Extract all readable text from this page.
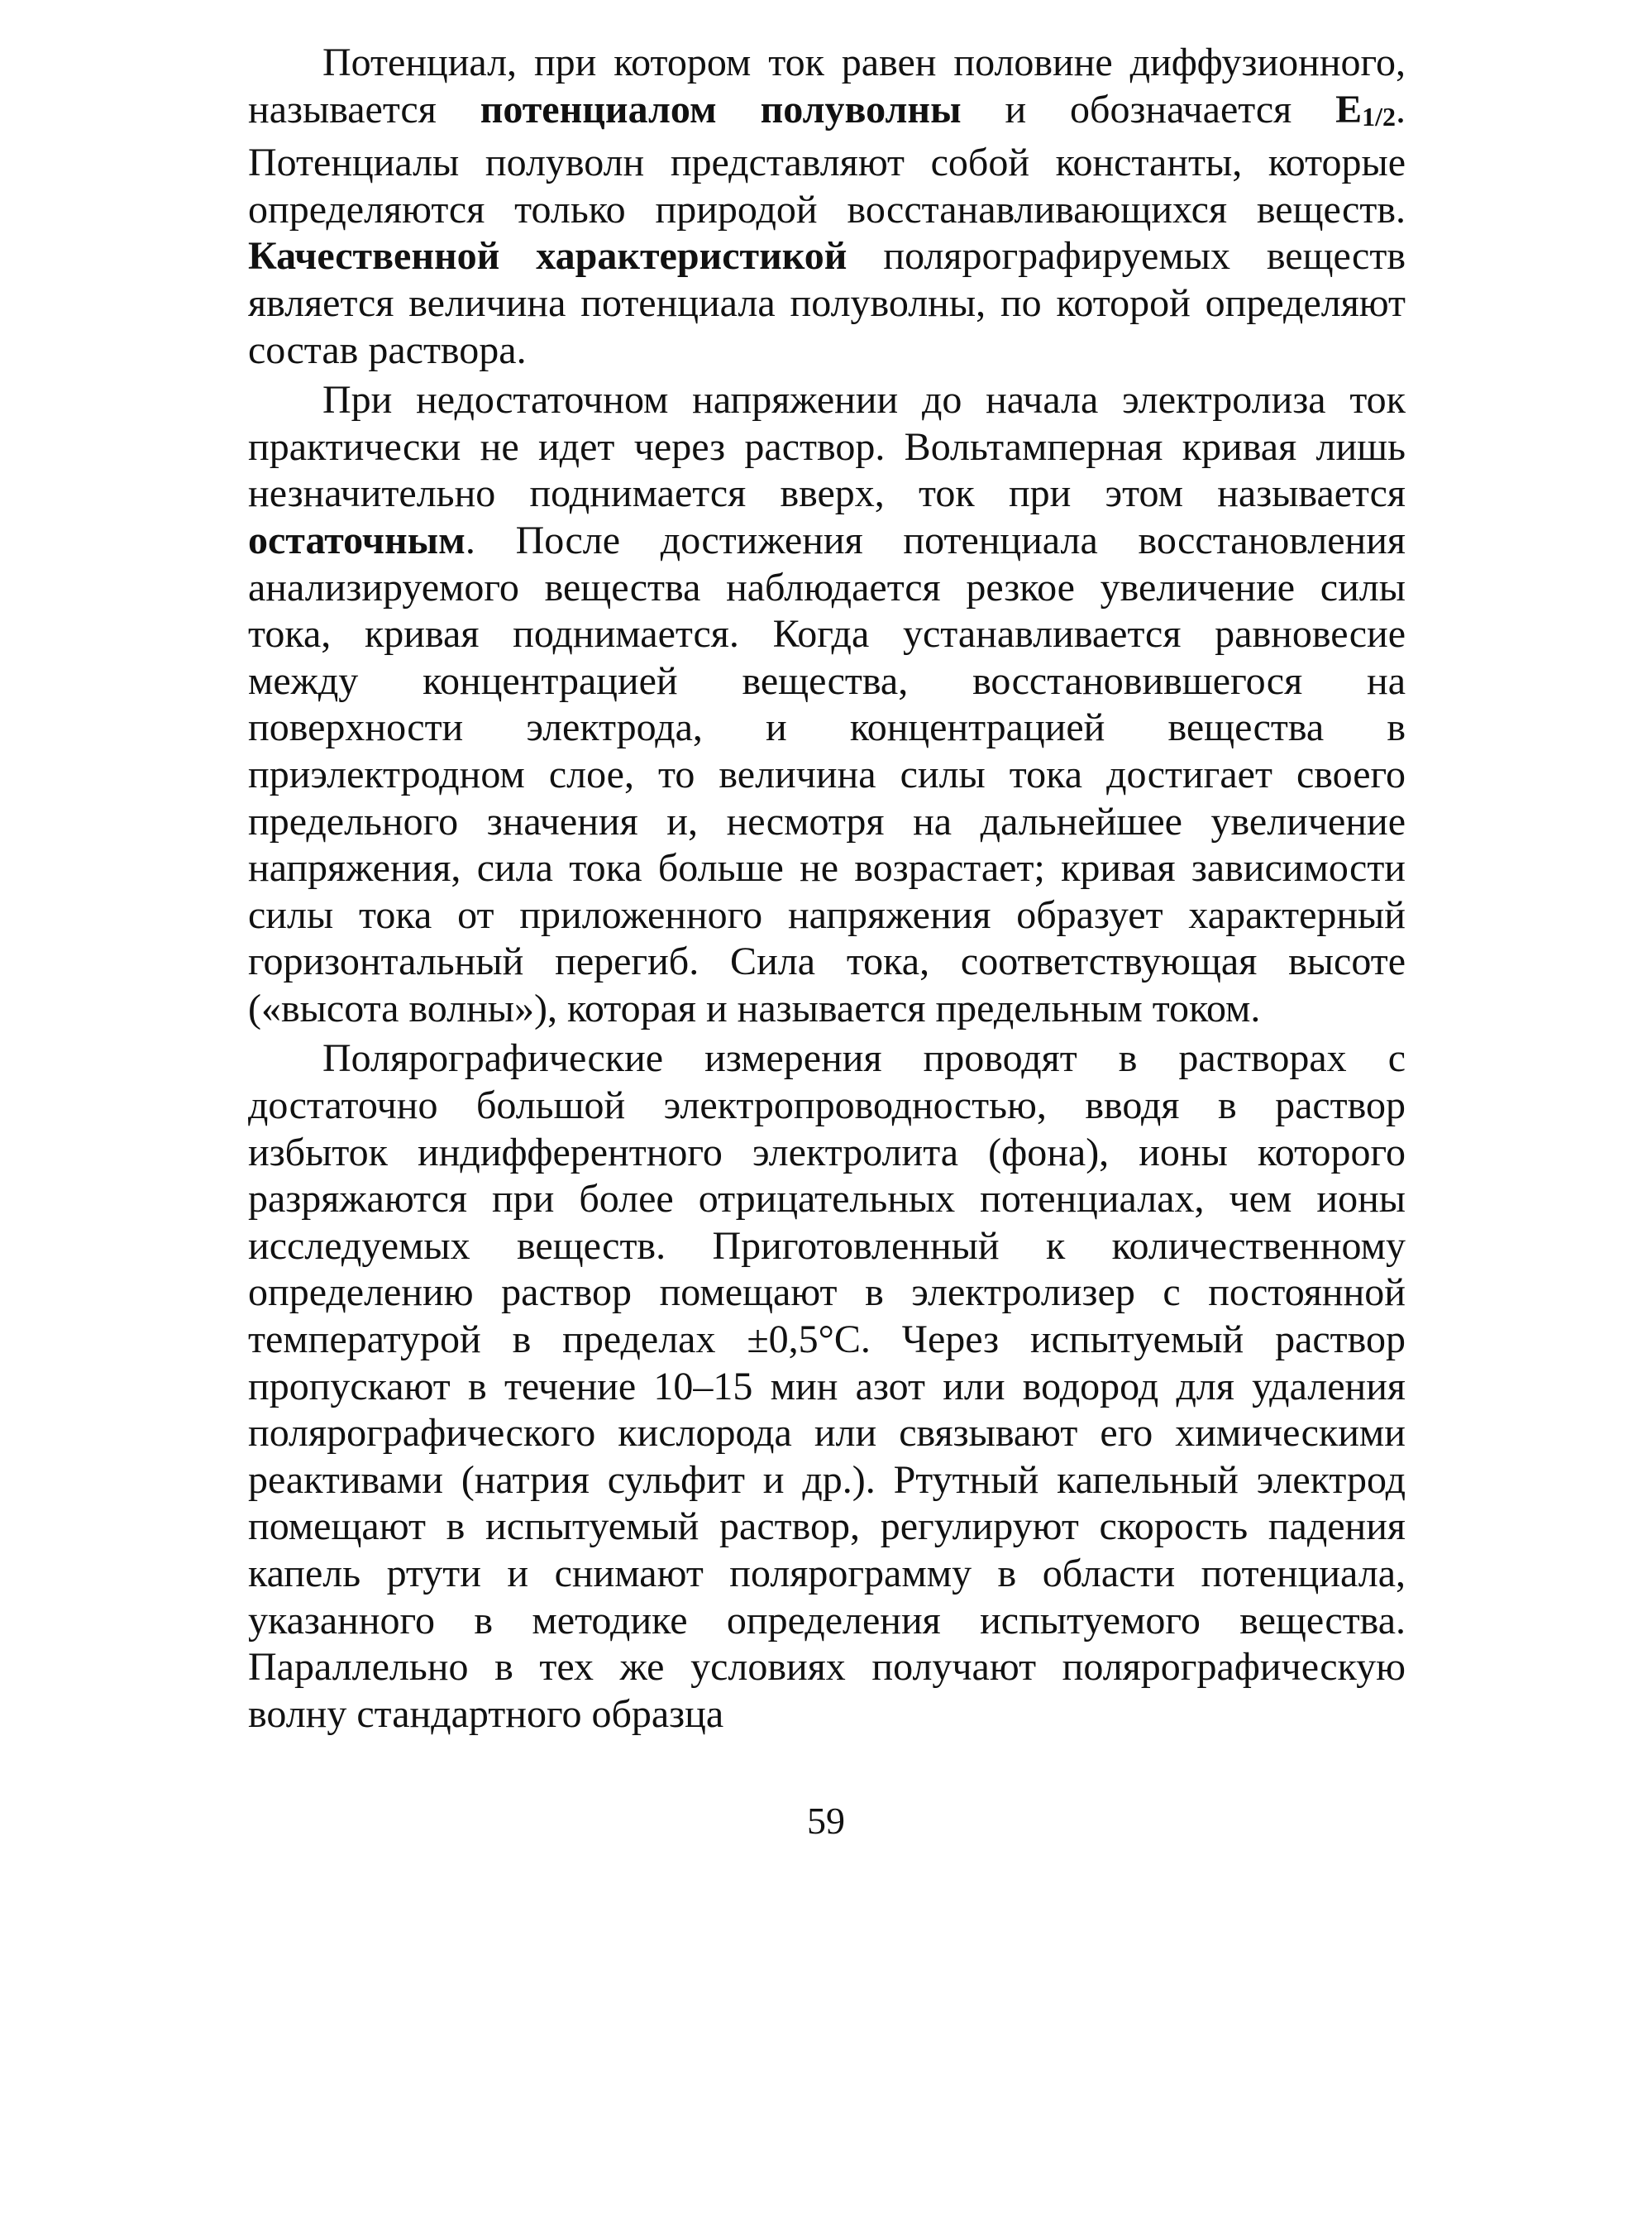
Потенциал, при котором ток равен половине диффузионного, называется потенциалом полуволны и обозначается E1/2. Потенциалы полуволн представляют собой константы, которые определяются только природой восстанавливающихся веществ. Качественной характеристикой полярографируемых веществ является величина потенциала полуволны, по которой определяют состав раствора.

При недостаточном напряжении до начала электролиза ток практически не идет через раствор. Вольтамперная кривая лишь незначительно поднимается вверх, ток при этом называется остаточным. После достижения потенциала восстановления анализируемого вещества наблюдается резкое увеличение силы тока, кривая поднимается. Когда устанавливается равновесие между концентрацией вещества, восстановившегося на поверхности электрода, и концентрацией вещества в приэлектродном слое, то величина силы тока достигает своего предельного значения и, несмотря на дальнейшее увеличение напряжения, сила тока больше не возрастает; кривая зависимости силы тока от приложенного напряжения образует характерный горизонтальный перегиб. Сила тока, соответствующая высоте («высота волны»), которая и называется предельным током.

Полярографические измерения проводят в растворах с достаточно большой электропроводностью, вводя в раствор избыток индифферентного электролита (фона), ионы которого разряжаются при более отрицательных потенциалах, чем ионы исследуемых веществ. Приготовленный к количественному определению раствор помещают в электролизер с постоянной температурой в пределах ±0,5°С. Через испытуемый раствор пропускают в течение 10–15 мин азот или водород для удаления полярографического кислорода или связывают его химическими реактивами (натрия сульфит и др.). Ртутный капельный электрод помещают в испытуемый раствор, регулируют скорость падения капель ртути и снимают полярограмму в области потенциала, указанного в методике определения испытуемого вещества. Параллельно в тех же условиях получают полярографическую волну стандартного образца

59
